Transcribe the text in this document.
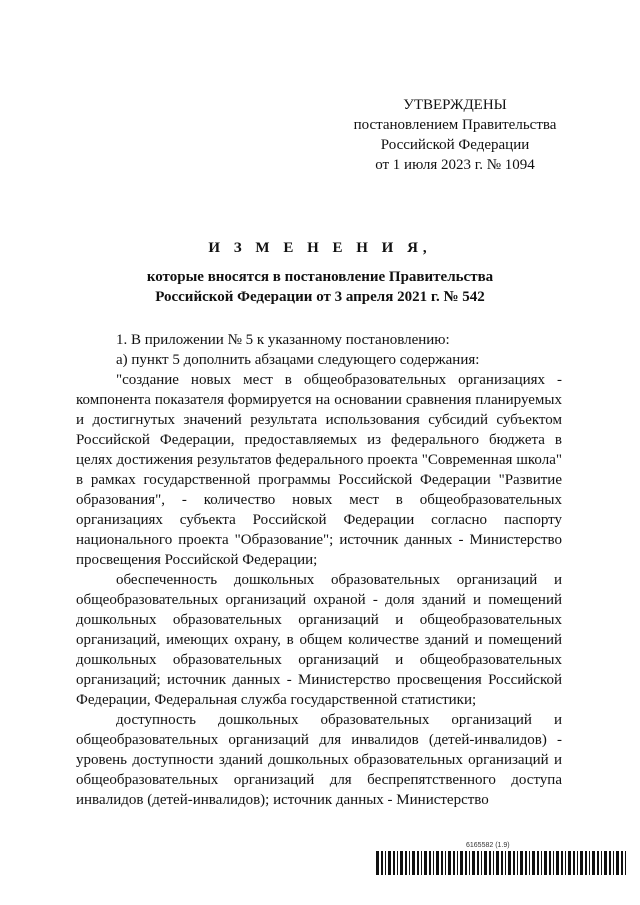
УТВЕРЖДЕНЫ
постановлением Правительства
Российской Федерации
от 1 июля 2023 г. № 1094
И З М Е Н Е Н И Я,
которые вносятся в постановление Правительства
Российской Федерации от 3 апреля 2021 г. № 542

1. В приложении № 5 к указанному постановлению:

а) пункт 5 дополнить абзацами следующего содержания:

"создание новых мест в общеобразовательных организациях - компонента показателя формируется на основании сравнения планируемых и достигнутых значений результата использования субсидий субъектом Российской Федерации, предоставляемых из федерального бюджета в целях достижения результатов федерального проекта "Современная школа" в рамках государственной программы Российской Федерации "Развитие образования", - количество новых мест в общеобразовательных организациях субъекта Российской Федерации согласно паспорту национального проекта "Образование"; источник данных - Министерство просвещения Российской Федерации;

обеспеченность дошкольных образовательных организаций и общеобразовательных организаций охраной - доля зданий и помещений дошкольных образовательных организаций и общеобразовательных организаций, имеющих охрану, в общем количестве зданий и помещений дошкольных образовательных организаций и общеобразовательных организаций; источник данных - Министерство просвещения Российской Федерации, Федеральная служба государственной статистики;

доступность дошкольных образовательных организаций и общеобразовательных организаций для инвалидов (детей-инвалидов) - уровень доступности зданий дошкольных образовательных организаций и общеобразовательных организаций для беспрепятственного доступа инвалидов (детей-инвалидов); источник данных - Министерство

6165582 (1.9)
